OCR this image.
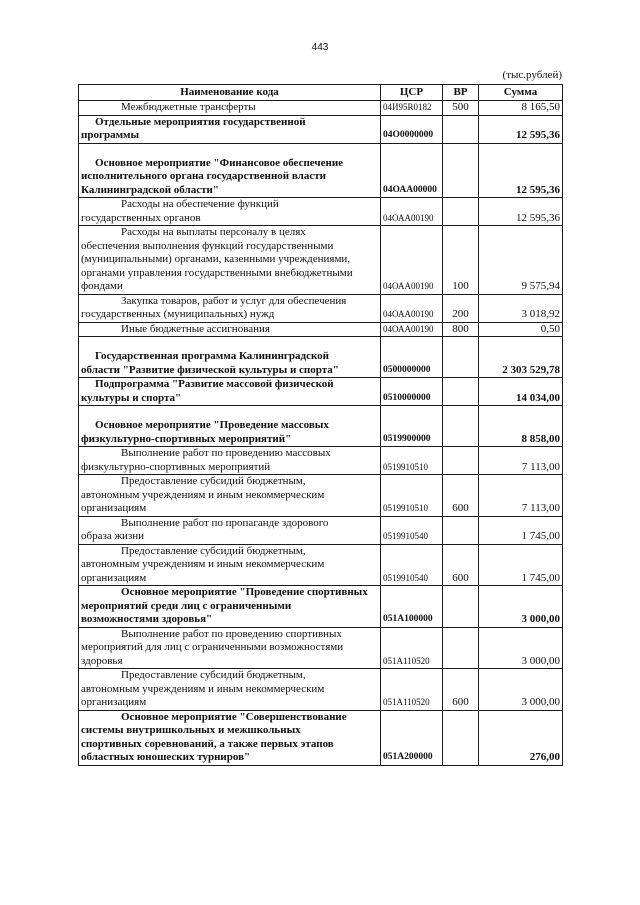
443
(тыс.рублей)
Наименование кода	ЦСР	ВР	Сумма

Межбюджетные трансферты	04И95R0182	500	8 165,50

Отдельные мероприятия государственной
программы	04О0000000		12 595,36

Основное мероприятие "Финансовое обеспечение
исполнительного органа государственной власти
Калининградской области"	04ОАА00000		12 595,36

Расходы на обеспечение функций
государственных органов	04ОАА00190		12 595,36

Расходы на выплаты персоналу в целях
обеспечения выполнения функций государственными
(муниципальными) органами, казенными учреждениями,
органами управления государственными внебюджетными
фондами	04ОАА00190	100	9 575,94

Закупка товаров, работ и услуг для обеспечения
государственных (муниципальных) нужд	04ОАА00190	200	3 018,92

Иные бюджетные ассигнования	04ОАА00190	800	0,50

Государственная программа Калининградской
области "Развитие физической культуры и спорта"	0500000000		2 303 529,78

Подпрограмма "Развитие массовой физической
культуры и спорта"	0510000000		14 034,00

Основное мероприятие "Проведение массовых
физкультурно-спортивных мероприятий"	0519900000		8 858,00

Выполнение работ по проведению массовых
физкультурно-спортивных мероприятий	0519910510		7 113,00

Предоставление субсидий бюджетным,
автономным учреждениям и иным некоммерческим
организациям	0519910510	600	7 113,00

Выполнение работ по пропаганде здорового
образа жизни	0519910540		1 745,00

Предоставление субсидий бюджетным,
автономным учреждениям и иным некоммерческим
организациям	0519910540	600	1 745,00

Основное мероприятие "Проведение спортивных
мероприятий среди лиц с ограниченными
возможностями здоровья"	051А100000		3 000,00

Выполнение работ по проведению спортивных
мероприятий для лиц с ограниченными возможностями
здоровья	051А110520		3 000,00

Предоставление субсидий бюджетным,
автономным учреждениям и иным некоммерческим
организациям	051А110520	600	3 000,00

Основное мероприятие "Совершенствование
системы внутришкольных и межшкольных
спортивных соревнований, а также первых этапов
областных юношеских турниров"	051А200000		276,00
